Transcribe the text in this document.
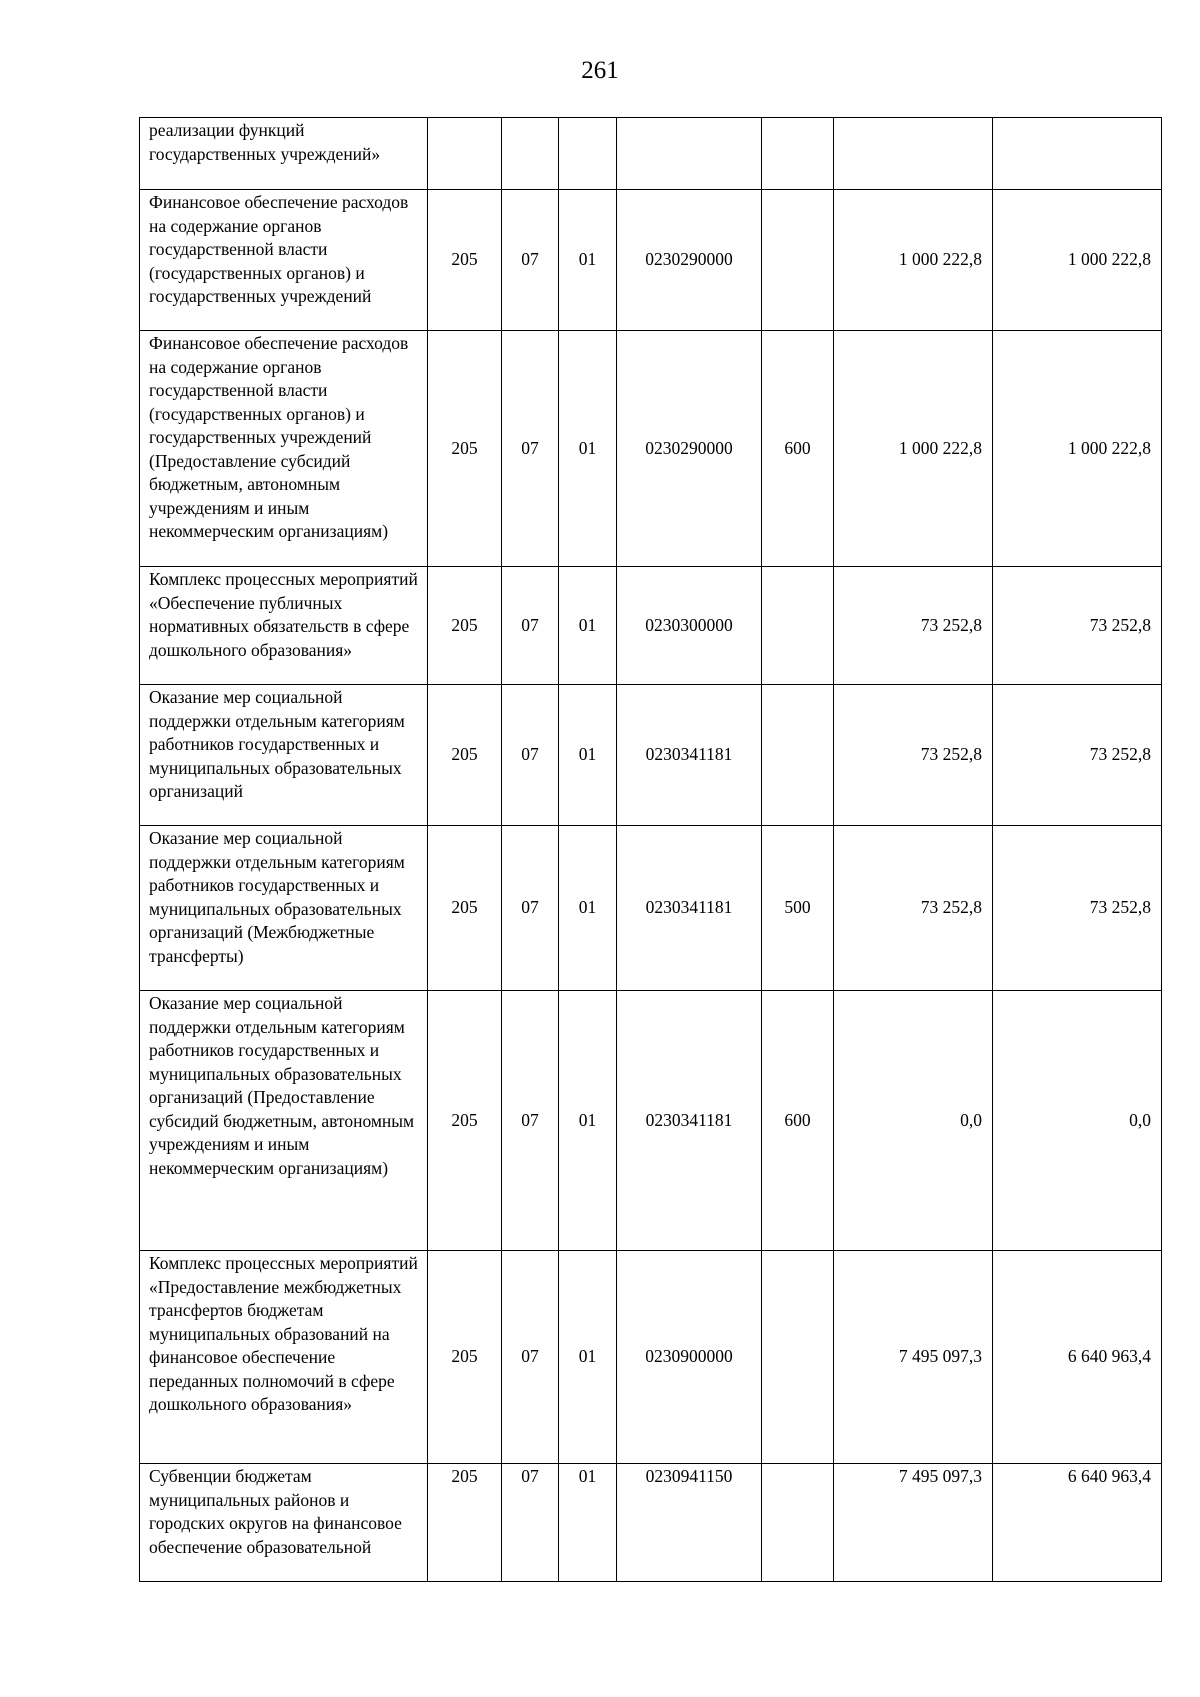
261
реализации функций государственных учреждений»							
Финансовое обеспечение расходов на содержание органов государственной власти (государственных органов) и государственных учреждений	205	07	01	0230290000		1 000 222,8	1 000 222,8
Финансовое обеспечение расходов на содержание органов государственной власти (государственных органов) и государственных учреждений (Предоставление субсидий бюджетным, автономным учреждениям и иным некоммерческим организациям)	205	07	01	0230290000	600	1 000 222,8	1 000 222,8
Комплекс процессных мероприятий «Обеспечение публичных нормативных обязательств в сфере дошкольного образования»	205	07	01	0230300000		73 252,8	73 252,8
Оказание мер социальной поддержки отдельным категориям работников государственных и муниципальных образовательных организаций	205	07	01	0230341181		73 252,8	73 252,8
Оказание мер социальной поддержки отдельным категориям работников государственных и муниципальных образовательных организаций (Межбюджетные трансферты)	205	07	01	0230341181	500	73 252,8	73 252,8
Оказание мер социальной поддержки отдельным категориям работников государственных и муниципальных образовательных организаций (Предоставление субсидий бюджетным, автономным учреждениям и иным некоммерческим организациям)	205	07	01	0230341181	600	0,0	0,0
Комплекс процессных мероприятий «Предоставление межбюджетных трансфертов бюджетам муниципальных образований на финансовое обеспечение переданных полномочий в сфере дошкольного образования»	205	07	01	0230900000		7 495 097,3	6 640 963,4
Субвенции бюджетам муниципальных районов и городских округов на финансовое обеспечение образовательной	205	07	01	0230941150		7 495 097,3	6 640 963,4
